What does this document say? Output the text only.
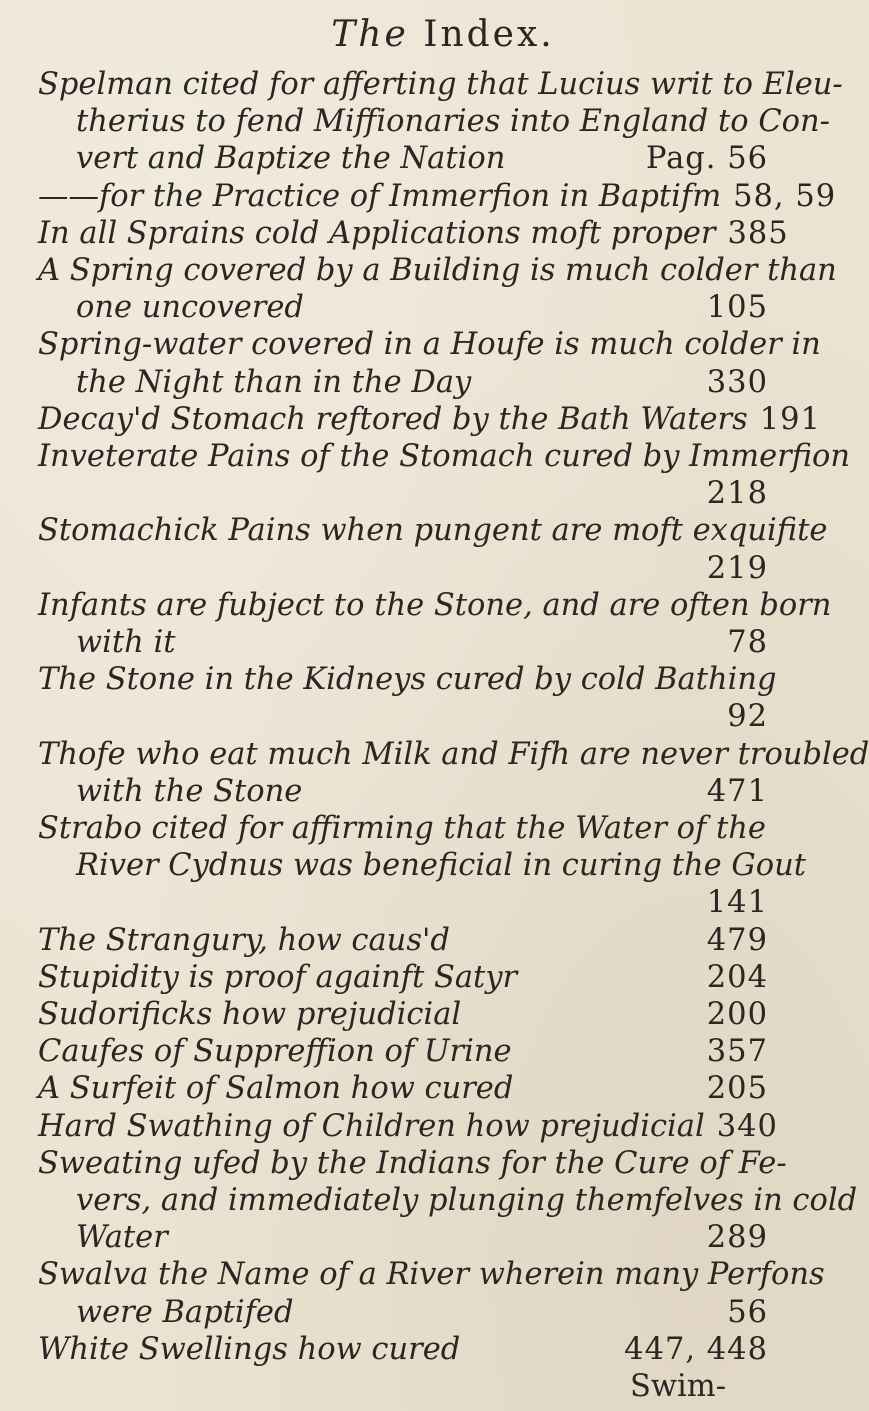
The Index.
Spelman cited for afferting that Lucius writ to Eleu-
therius to fend Miffionaries into England to Con-
vert and Baptize the Nation	Pag. 56
——for the Practice of Immerfion in Baptifm 58, 59
In all Sprains cold Applications moft proper 385
A Spring covered by a Building is much colder than
one uncovered	105
Spring-water covered in a Houfe is much colder in
the Night than in the Day	330
Decay'd Stomach reftored by the Bath Waters 191
Inveterate Pains of the Stomach cured by Immerfion
218
Stomachick Pains when pungent are moft exquifite
219
Infants are fubject to the Stone, and are often born
with it	78
The Stone in the Kidneys cured by cold Bathing
92
Thofe who eat much Milk and Fifh are never troubled
with the Stone	471
Strabo cited for affirming that the Water of the
River Cydnus was beneficial in curing the Gout
141
The Strangury, how caus'd	479
Stupidity is proof againft Satyr	204
Sudorificks how prejudicial	200
Caufes of Suppreffion of Urine	357
A Surfeit of Salmon how cured	205
Hard Swathing of Children how prejudicial 340
Sweating ufed by the Indians for the Cure of Fe-
vers, and immediately plunging themfelves in cold
Water	289
Swalva the Name of a River wherein many Perfons
were Baptifed	56
White Swellings how cured	447, 448
Swim-
